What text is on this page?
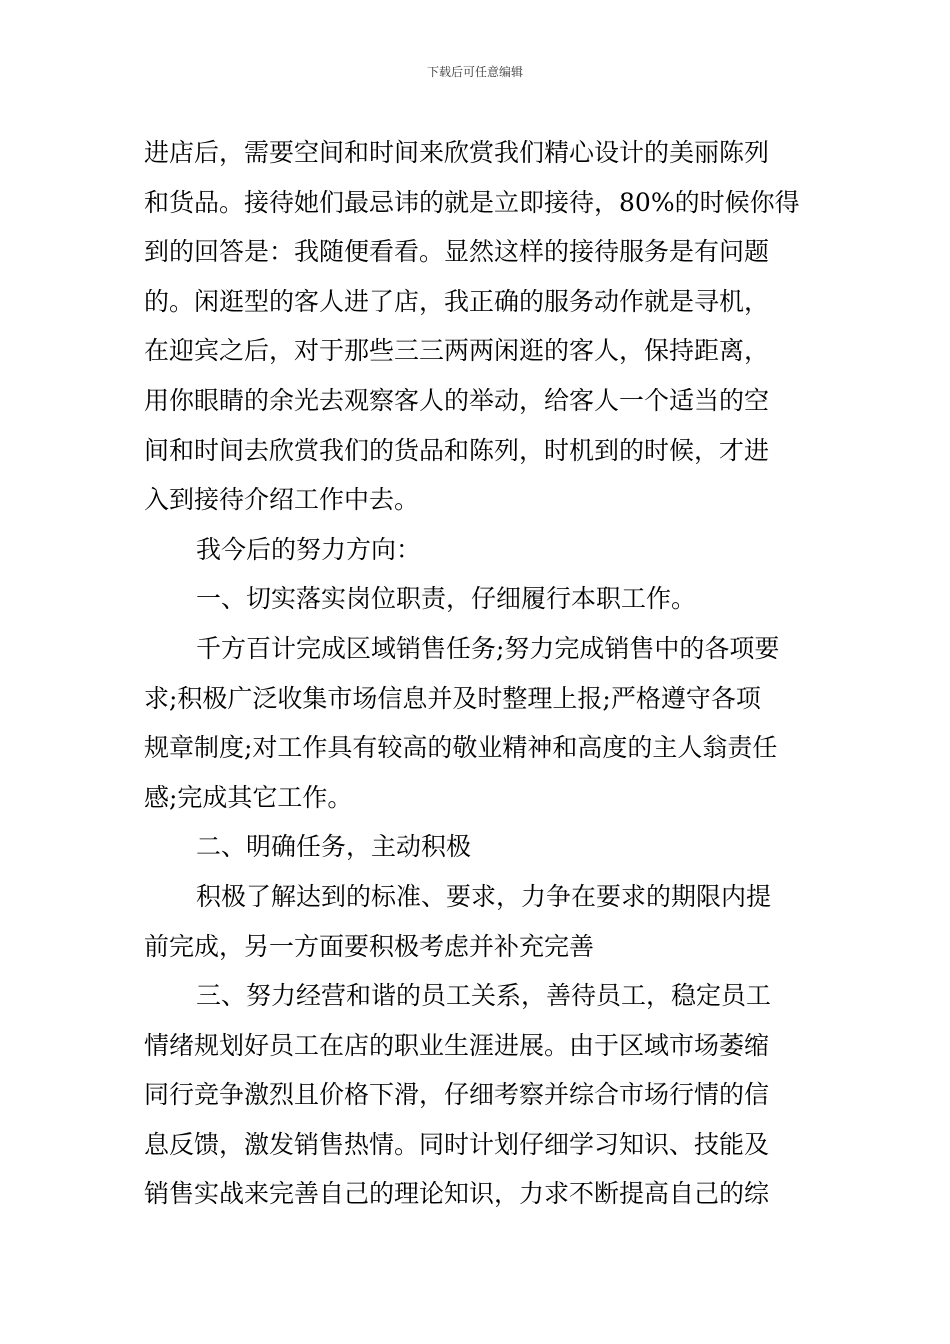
下载后可任意编辑
进店后，需要空间和时间来欣赏我们精心设计的美丽陈列
和货品。接待她们最忌讳的就是立即接待，80%的时候你得
到的回答是：我随便看看。显然这样的接待服务是有问题
的。闲逛型的客人进了店，我正确的服务动作就是寻机，
在迎宾之后，对于那些三三两两闲逛的客人，保持距离，
用你眼睛的余光去观察客人的举动，给客人一个适当的空
间和时间去欣赏我们的货品和陈列，时机到的时候，才进
入到接待介绍工作中去。
我今后的努力方向：
一、切实落实岗位职责，仔细履行本职工作。
千方百计完成区域销售任务;努力完成销售中的各项要
求;积极广泛收集市场信息并及时整理上报;严格遵守各项
规章制度;对工作具有较高的敬业精神和高度的主人翁责任
感;完成其它工作。
二、明确任务，主动积极
积极了解达到的标准、要求，力争在要求的期限内提
前完成，另一方面要积极考虑并补充完善
三、努力经营和谐的员工关系，善待员工，稳定员工
情绪规划好员工在店的职业生涯进展。由于区域市场萎缩
同行竞争激烈且价格下滑，仔细考察并综合市场行情的信
息反馈，激发销售热情。同时计划仔细学习知识、技能及
销售实战来完善自己的理论知识，力求不断提高自己的综
